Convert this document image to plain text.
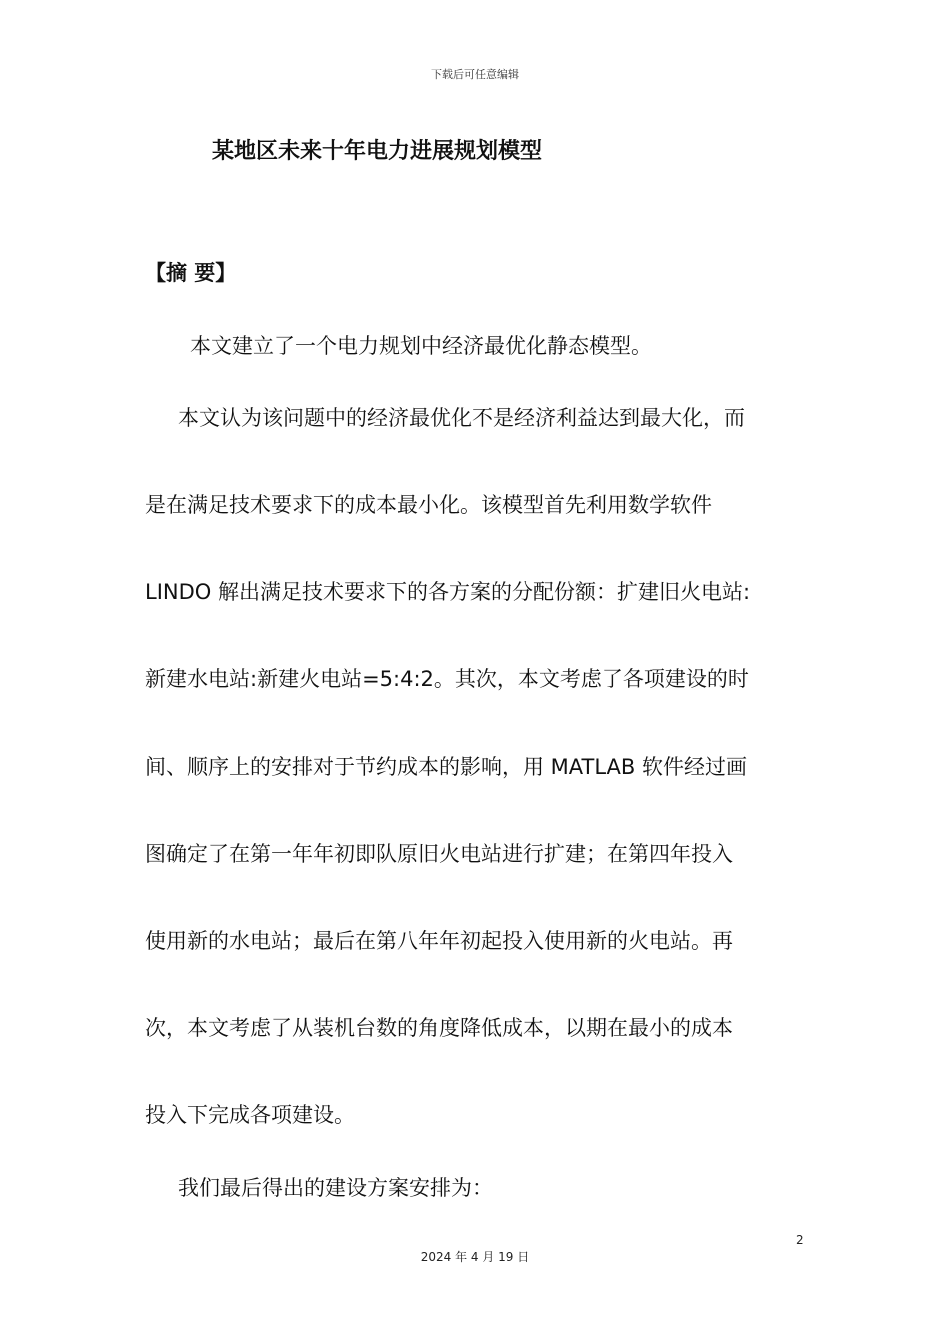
下载后可任意编辑
某地区未来十年电力进展规划模型
【摘 要】
本文建立了一个电力规划中经济最优化静态模型。
本文认为该问题中的经济最优化不是经济利益达到最大化，而
是在满足技术要求下的成本最小化。该模型首先利用数学软件
LINDO 解出满足技术要求下的各方案的分配份额：扩建旧火电站:
新建水电站:新建火电站=5:4:2。其次，本文考虑了各项建设的时
间、顺序上的安排对于节约成本的影响，用 MATLAB 软件经过画
图确定了在第一年年初即队原旧火电站进行扩建；在第四年投入
使用新的水电站；最后在第八年年初起投入使用新的火电站。再
次，本文考虑了从装机台数的角度降低成本，以期在最小的成本
投入下完成各项建设。
我们最后得出的建设方案安排为：
2
2024 年 4 月 19 日
